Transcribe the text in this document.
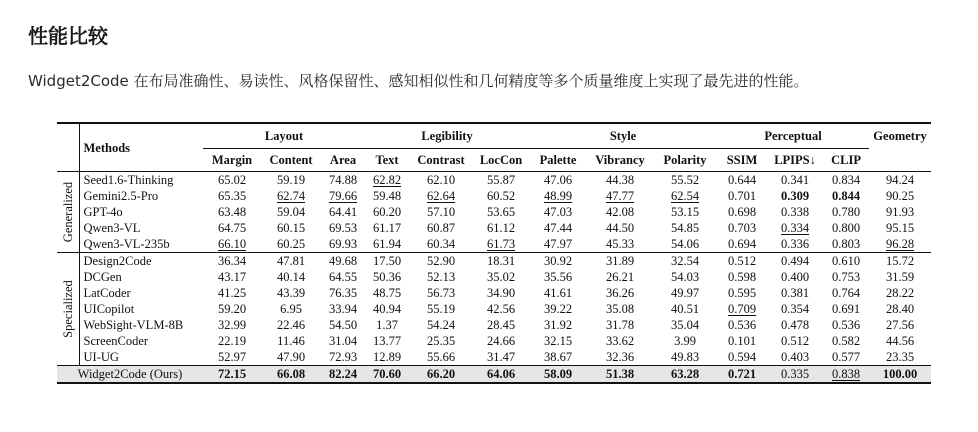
性能比较

Widget2Code 在布局准确性、易读性、风格保留性、感知相似性和几何精度等多个质量维度上实现了最先进的性能。

	Methods	Layout			Legibility			Style			Perceptual			Geometry
		Margin	Content	Area	Text	Contrast	LocCon	Palette	Vibrancy	Polarity	SSIM	LPIPS↓	CLIP	

Generalized	Seed1.6-Thinking	65.02	59.19	74.88	62.82	62.10	55.87	47.06	44.38	55.52	0.644	0.341	0.834	94.24
	Gemini2.5-Pro	65.35	62.74	79.66	59.48	62.64	60.52	48.99	47.77	62.54	0.701	0.309	0.844	90.25
	GPT-4o	63.48	59.04	64.41	60.20	57.10	53.65	47.03	42.08	53.15	0.698	0.338	0.780	91.93
	Qwen3-VL	64.75	60.15	69.53	61.17	60.87	61.12	47.44	44.50	54.85	0.703	0.334	0.800	95.15
	Qwen3-VL-235b	66.10	60.25	69.93	61.94	60.34	61.73	47.97	45.33	54.06	0.694	0.336	0.803	96.28

Specialized	Design2Code	36.34	47.81	49.68	17.50	52.90	18.31	30.92	31.89	32.54	0.512	0.494	0.610	15.72
	DCGen	43.17	40.14	64.55	50.36	52.13	35.02	35.56	26.21	54.03	0.598	0.400	0.753	31.59
	LatCoder	41.25	43.39	76.35	48.75	56.73	34.90	41.61	36.26	49.97	0.595	0.381	0.764	28.22
	UICopilot	59.20	6.95	33.94	40.94	55.19	42.56	39.22	35.08	40.51	0.709	0.354	0.691	28.40
	WebSight-VLM-8B	32.99	22.46	54.50	1.37	54.24	28.45	31.92	31.78	35.04	0.536	0.478	0.536	27.56
	ScreenCoder	22.19	11.46	31.04	13.77	25.35	24.66	32.15	33.62	3.99	0.101	0.512	0.582	44.56
	UI-UG	52.97	47.90	72.93	12.89	55.66	31.47	38.67	32.36	49.83	0.594	0.403	0.577	23.35
Widget2Code (Ours)		72.15	66.08	82.24	70.60	66.20	64.06	58.09	51.38	63.28	0.721	0.335	0.838	100.00
